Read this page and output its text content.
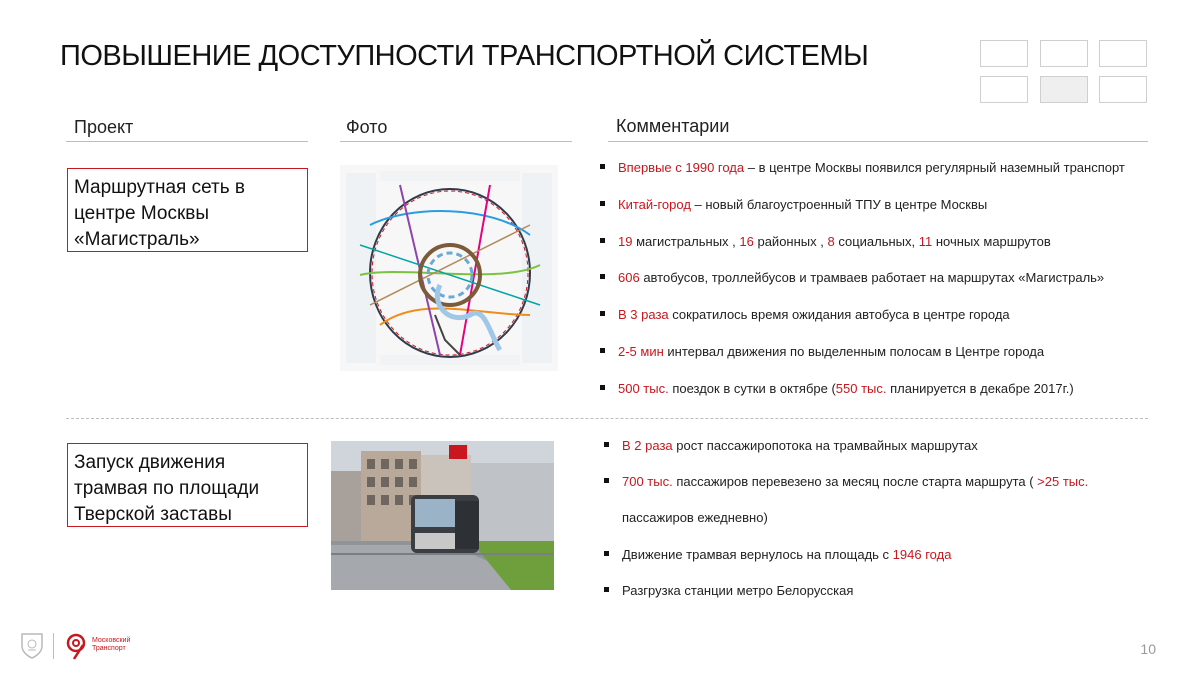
ПОВЫШЕНИЕ ДОСТУПНОСТИ ТРАНСПОРТНОЙ СИСТЕМЫ
Проект	Фото	Комментарии
Маршрутная сеть в центре Москвы «Магистраль»
Впервые с 1990 года – в центре Москвы появился регулярный наземный транспорт
Китай-город – новый благоустроенный ТПУ в центре Москвы
19 магистральных , 16 районных , 8 социальных, 11 ночных маршрутов
606 автобусов, троллейбусов и трамваев работает на маршрутах «Магистраль»
В 3 раза сократилось время ожидания автобуса в центре города
2-5 мин интервал движения по выделенным полосам в Центре города
500 тыс. поездок в сутки в октябре (550 тыс. планируется в декабре 2017г.)
Запуск движения трамвая по площади Тверской заставы
В 2 раза рост пассажиропотока на трамвайных маршрутах
700 тыс. пассажиров перевезено за месяц после старта маршрута ( >25 тыс.
пассажиров ежедневно)
Движение трамвая вернулось на площадь с 1946 года
Разгрузка станции метро Белорусская
Московский
Транспорт	10
